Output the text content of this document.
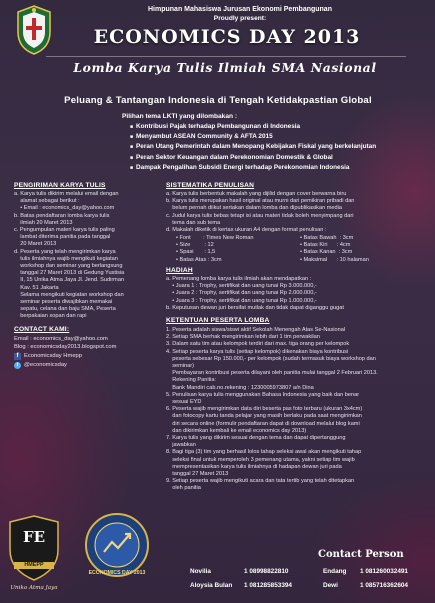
Himpunan Mahasiswa Jurusan Ekonomi Pembangunan
Proudly present:
ECONOMICS DAY 2013
Lomba Karya Tulis Ilmiah SMA Nasional
Peluang & Tantangan Indonesia di Tengah Ketidakpastian Global
Pilihan tema LKTI yang dilombakan :
■ Kontribusi Pajak terhadap Pembangunan di Indonesia
■ Menyambut ASEAN Community & AFTA 2015
■ Peran Utang Pemerintah dalam Menopang Kebijakan Fiskal yang berkelanjutan
■ Peran Sektor Keuangan dalam Perekonomian Domestik & Global
■ Dampak Pengalihan Subsidi Energi terhadap Perekonomian Indonesia
PENGIRIMAN KARYA TULIS
a. Karya tulis dikirim melalui email dengan
alamat sebagai berikut :
• Email : economics_day@yahoo.com
b. Batas pendaftaran lomba karya tulis
ilmiah 20 Maret 2013
c. Pengumpulan materi karya tulis paling
lambat diterima panitia pada tanggal
20 Maret 2013
d. Peserta yang telah mengirimkan karya
tulis ilmiahnya wajib mengikuti kegiatan
workshop dan seminar yang berlangsung
tanggal 27 Maret 2013 di Gedung Yustisia
II, 15 Unika Atma Jaya Jl. Jend. Sudirman
Kav. 51 Jakarta
Selama mengikuti kegiatan workshop dan
seminar peserta diwajibkan memakai
sepatu, celana dan baju SMA, Peserta
berpakaian sopan dan rapi
CONTACT KAMI:
Email : economics_day@yahoo.com
Blog : economicsday2013.blogspot.com
f Economicsday Hmepp
t @economicsday
SISTEMATIKA PENULISAN
a. Karya tulis berbentuk makalah yang dijilid dengan cover berwarna biru
b. Karya tulis merupakan hasil original atau murni dari pemikiran pribadi dan
belum pernah diikut sertakan dalam lomba dan dipublikasikan media
c. Judul karya tulis bebas tetapi isi atau materi tidak boleh menyimpang dari
tema dan sub tema
d. Makalah diketik di kertas ukuran A4 dengan format penulisan :
• Font        : Times New Roman
• Size         : 12
• Spasi       : 1,5
• Batas Atas : 3cm
• Batas Bawah  : 3cm
• Batas Kiri      : 4cm
• Batas Kanan  : 3cm
• Maksimal      : 10 halaman
HADIAH
a. Pemenang lomba karya tulis ilmiah akan mendapatkan :
• Juara 1 : Trophy, sertifikat dan uang tunai Rp 3.000.000,-
• Juara 2 : Trophy, sertifikat dan uang tunai Rp 2.000.000,-
• Juara 3 : Trophy, sertifikat dan uang tunai Rp 1.000.000,-
b. Keputusan dewan juri bersifat mutlak dan tidak dapat diganggu gugat
KETENTUAN PESERTA LOMBA
1. Peserta adalah siswa/siswi aktif Sekolah Menengah Atas Se-Nasional
2. Setiap SMA berhak mengirimkan lebih dari 1 tim perwakilan
3. Dalam satu tim atau kelompok terdiri dari max. tiga orang per kelompok
4. Setiap peserta karya tulis (setiap kelompok) dikenakan biaya kontribusi
peserta sebesar Rp 150.000,- per kelompok (sudah termasuk biaya workshop dan
seminar)
Pembayaran kontribusi peserta dilayani oleh panitia mulai tanggal 2 Februari 2013.
Rekening Panitia:
Bank Mandiri cab.no.rekening : 1230005973807 a/n Dina
5. Penulisan karya tulis menggunakan Bahasa Indonesia yang baik dan benar
sesuai EYD
6. Peserta wajib mengirimkan data diri beserta pas foto terbaru (ukuran 3x4cm)
dan fotocopy kartu tanda pelajar yang masih berlaku pada saat mengirimkan
diri secara online (formulir pendaftaran dapat di download melalui blog kami
dan dikirimkan kembali ke email economics day 2013)
7. Karya tulis yang dikirim sesuai dengan tema dan dapat dipertanggung
jawabkan
8. Bagi tiga (3) tim yang berhasil lolos tahap seleksi awal akan mengikuti tahap
seleksi final untuk memperoleh 3 pemenang utama, yakni setiap tim wajib
mempresentasikan karya tulis ilmiahnya di hadapan dewan juri pada
tanggal 27 Maret 2013
9. Setiap peserta wajib mengikuti acara dan tata tertib yang telah ditetapkan
oleh panitia
FE
HMEPP
Unika Atma Jaya
ECONOMICS DAY 2013
Contact Person
Novilia	1 08998822810	Endang 1 081260032491
Aloysia Bulan 1 081285853394	Dewi	1 085716362604
